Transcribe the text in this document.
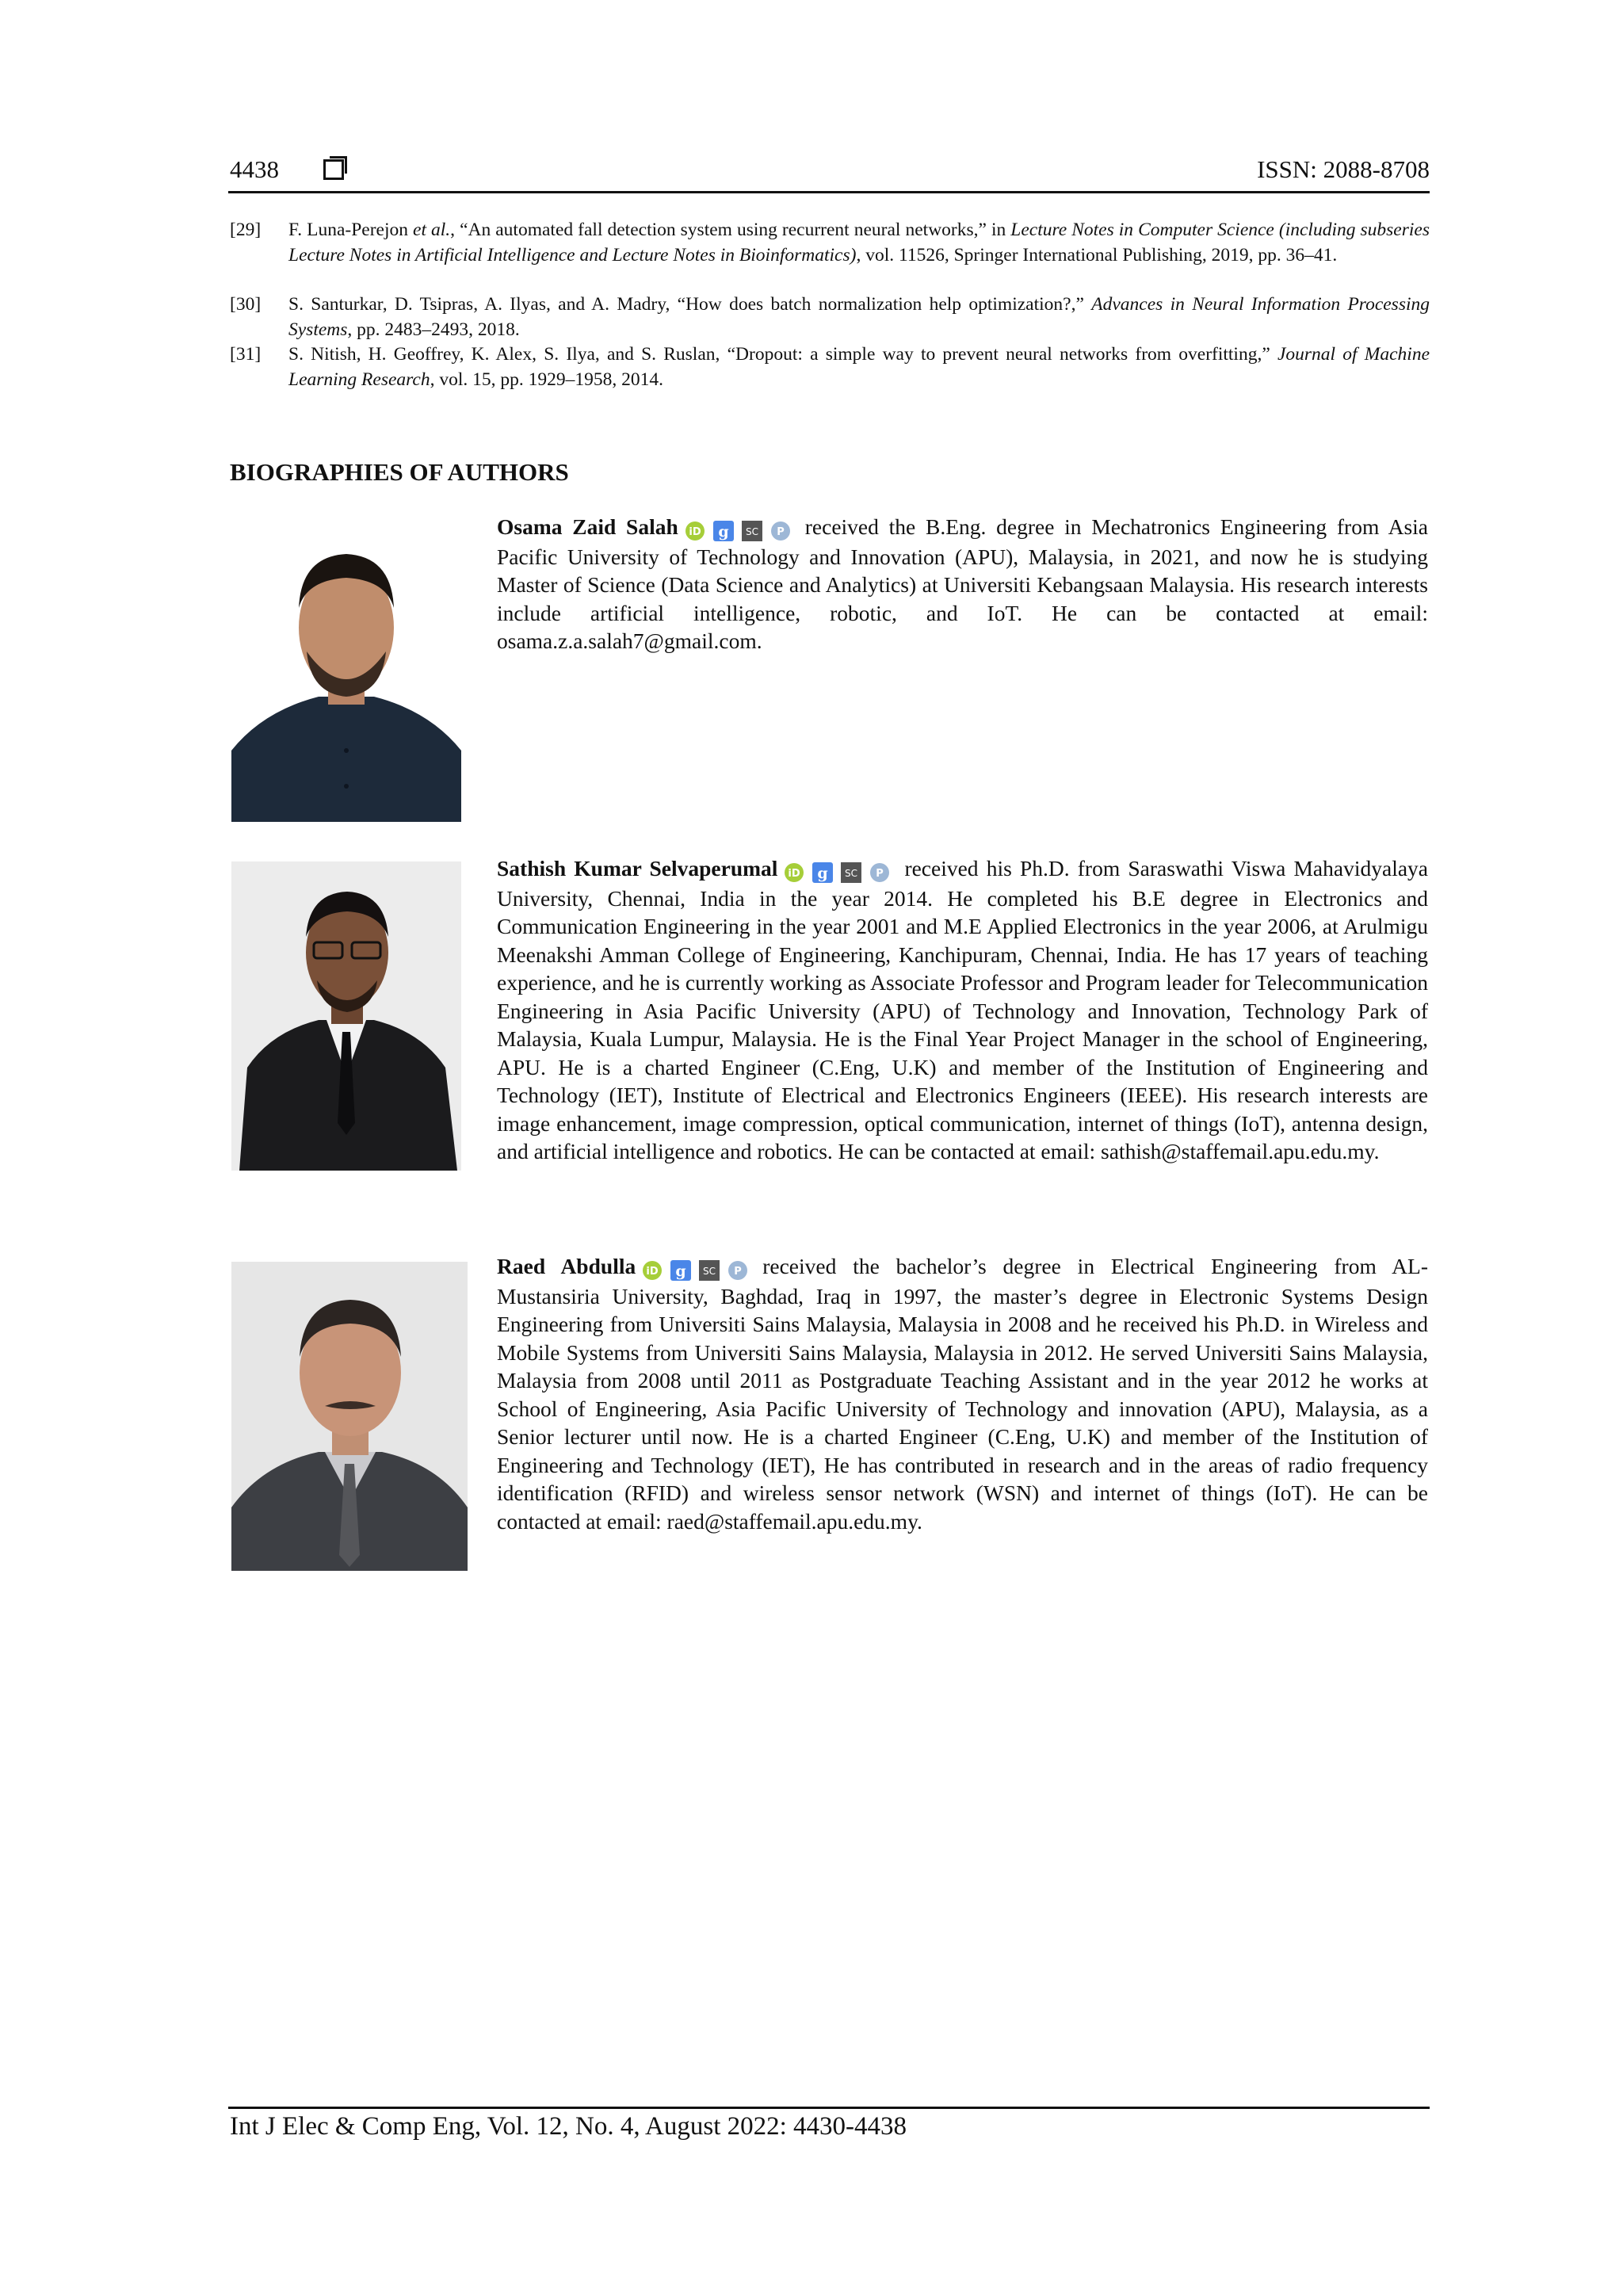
4438	ISSN: 2088-8708
[29] F. Luna-Perejon et al., “An automated fall detection system using recurrent neural networks,” in Lecture Notes in Computer Science (including subseries Lecture Notes in Artificial Intelligence and Lecture Notes in Bioinformatics), vol. 11526, Springer International Publishing, 2019, pp. 36–41.
[30] S. Santurkar, D. Tsipras, A. Ilyas, and A. Madry, “How does batch normalization help optimization?,” Advances in Neural Information Processing Systems, pp. 2483–2493, 2018.
[31] S. Nitish, H. Geoffrey, K. Alex, S. Ilya, and S. Ruslan, “Dropout: a simple way to prevent neural networks from overfitting,” Journal of Machine Learning Research, vol. 15, pp. 1929–1958, 2014.
BIOGRAPHIES OF AUTHORS
Osama Zaid Salah iD g SC P received the B.Eng. degree in Mechatronics Engineering from Asia Pacific University of Technology and Innovation (APU), Malaysia, in 2021, and now he is studying Master of Science (Data Science and Analytics) at Universiti Kebangsaan Malaysia. His research interests include artificial intelligence, robotic, and IoT. He can be contacted at email: osama.z.a.salah7@gmail.com.
Sathish Kumar Selvaperumal iD g SC P received his Ph.D. from Saraswathi Viswa Mahavidyalaya University, Chennai, India in the year 2014. He completed his B.E degree in Electronics and Communication Engineering in the year 2001 and M.E Applied Electronics in the year 2006, at Arulmigu Meenakshi Amman College of Engineering, Kanchipuram, Chennai, India. He has 17 years of teaching experience, and he is currently working as Associate Professor and Program leader for Telecommunication Engineering in Asia Pacific University (APU) of Technology and Innovation, Technology Park of Malaysia, Kuala Lumpur, Malaysia. He is the Final Year Project Manager in the school of Engineering, APU. He is a charted Engineer (C.Eng, U.K) and member of the Institution of Engineering and Technology (IET), Institute of Electrical and Electronics Engineers (IEEE). His research interests are image enhancement, image compression, optical communication, internet of things (IoT), antenna design, and artificial intelligence and robotics. He can be contacted at email: sathish@staffemail.apu.edu.my.
Raed Abdulla iD g SC P received the bachelor’s degree in Electrical Engineering from AL-Mustansiria University, Baghdad, Iraq in 1997, the master’s degree in Electronic Systems Design Engineering from Universiti Sains Malaysia, Malaysia in 2008 and he received his Ph.D. in Wireless and Mobile Systems from Universiti Sains Malaysia, Malaysia in 2012. He served Universiti Sains Malaysia, Malaysia from 2008 until 2011 as Postgraduate Teaching Assistant and in the year 2012 he works at School of Engineering, Asia Pacific University of Technology and innovation (APU), Malaysia, as a Senior lecturer until now. He is a charted Engineer (C.Eng, U.K) and member of the Institution of Engineering and Technology (IET), He has contributed in research and in the areas of radio frequency identification (RFID) and wireless sensor network (WSN) and internet of things (IoT). He can be contacted at email: raed@staffemail.apu.edu.my.
Int J Elec & Comp Eng, Vol. 12, No. 4, August 2022: 4430-4438
